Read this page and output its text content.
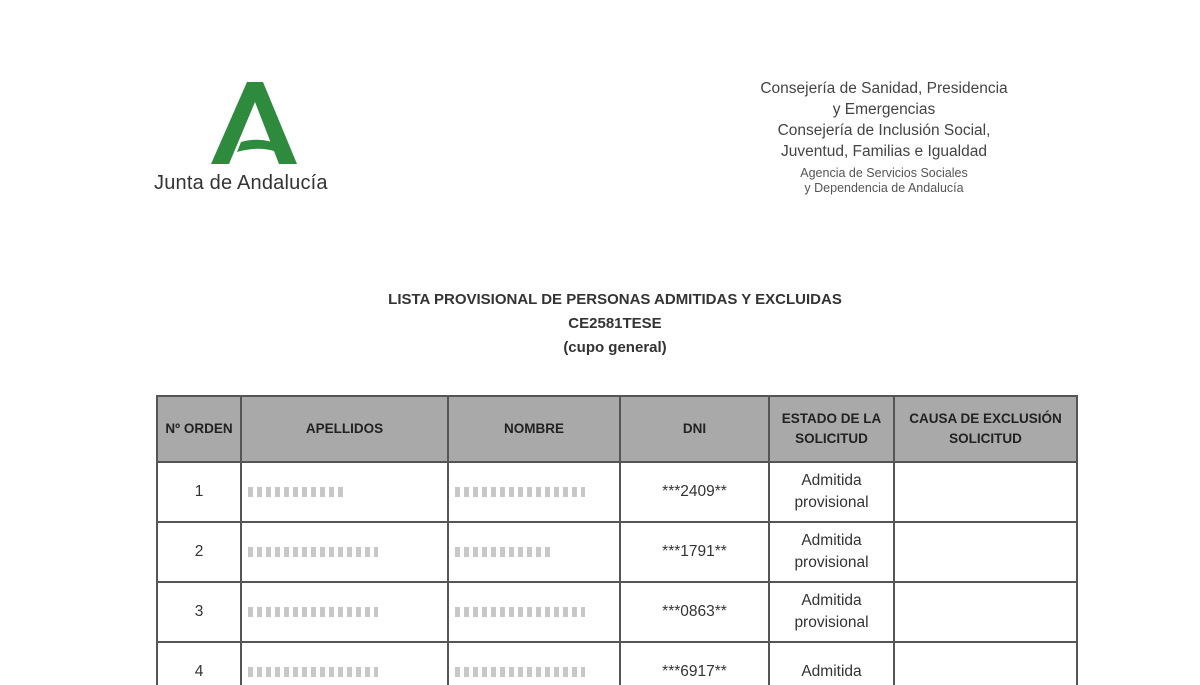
Junta de Andalucía
Consejería de Sanidad, Presidencia
y Emergencias
Consejería de Inclusión Social,
Juventud, Familias e Igualdad
Agencia de Servicios Sociales
y Dependencia de Andalucía
LISTA PROVISIONAL DE PERSONAS ADMITIDAS Y EXCLUIDAS
CE2581TESE
(cupo general)
Nº ORDEN	APELLIDOS	NOMBRE	DNI	ESTADO DE LA SOLICITUD	CAUSA DE EXCLUSIÓN SOLICITUD
1			***2409**	Admitida provisional	
2			***1791**	Admitida provisional	
3			***0863**	Admitida provisional	
4			***6917**	Admitida	
